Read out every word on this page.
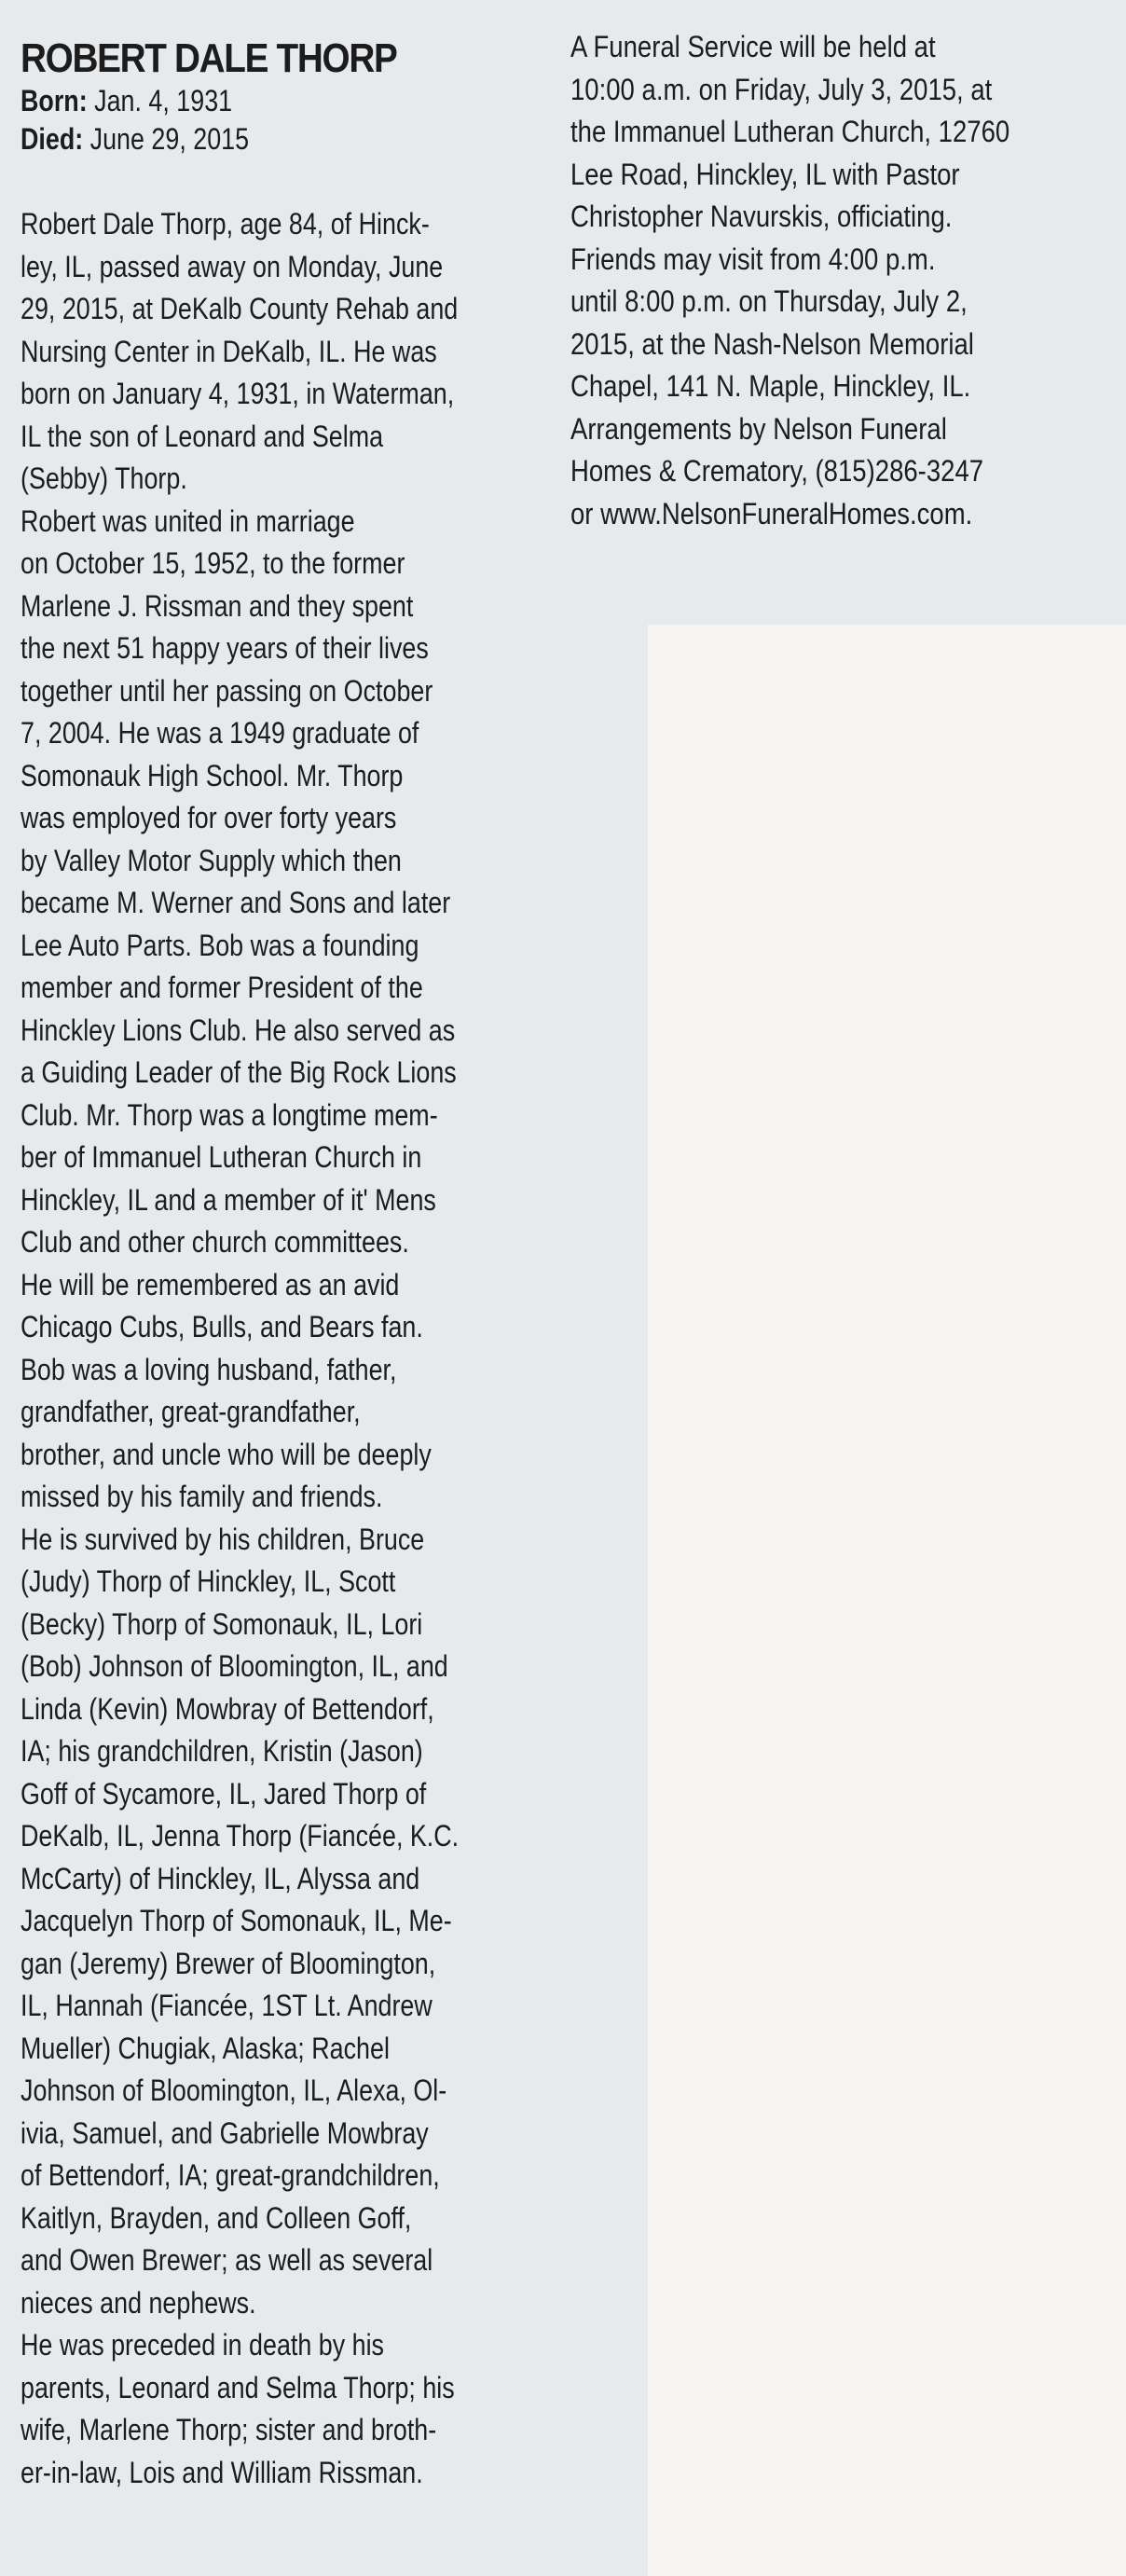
ROBERT DALE THORP
Born: Jan. 4, 1931
Died: June 29, 2015

Robert Dale Thorp, age 84, of Hinck-
ley, IL, passed away on Monday, June
29, 2015, at DeKalb County Rehab and
Nursing Center in DeKalb, IL. He was
born on January 4, 1931, in Waterman,
IL the son of Leonard and Selma
(Sebby) Thorp.

Robert was united in marriage
on October 15, 1952, to the former
Marlene J. Rissman and they spent
the next 51 happy years of their lives
together until her passing on October
7, 2004. He was a 1949 graduate of
Somonauk High School. Mr. Thorp
was employed for over forty years
by Valley Motor Supply which then
became M. Werner and Sons and later
Lee Auto Parts. Bob was a founding
member and former President of the
Hinckley Lions Club. He also served as
a Guiding Leader of the Big Rock Lions
Club. Mr. Thorp was a longtime mem-
ber of Immanuel Lutheran Church in
Hinckley, IL and a member of it' Mens
Club and other church committees.

He will be remembered as an avid
Chicago Cubs, Bulls, and Bears fan.
Bob was a loving husband, father,
grandfather, great-grandfather,
brother, and uncle who will be deeply
missed by his family and friends.

He is survived by his children, Bruce
(Judy) Thorp of Hinckley, IL, Scott
(Becky) Thorp of Somonauk, IL, Lori
(Bob) Johnson of Bloomington, IL, and
Linda (Kevin) Mowbray of Bettendorf,
IA; his grandchildren, Kristin (Jason)
Goff of Sycamore, IL, Jared Thorp of
DeKalb, IL, Jenna Thorp (Fiancée, K.C.
McCarty) of Hinckley, IL, Alyssa and
Jacquelyn Thorp of Somonauk, IL, Me-
gan (Jeremy) Brewer of Bloomington,
IL, Hannah (Fiancée, 1ST Lt. Andrew
Mueller) Chugiak, Alaska; Rachel
Johnson of Bloomington, IL, Alexa, Ol-
ivia, Samuel, and Gabrielle Mowbray
of Bettendorf, IA; great-grandchildren,
Kaitlyn, Brayden, and Colleen Goff,
and Owen Brewer; as well as several
nieces and nephews.

He was preceded in death by his
parents, Leonard and Selma Thorp; his
wife, Marlene Thorp; sister and broth-
er-in-law, Lois and William Rissman.

A Funeral Service will be held at
10:00 a.m. on Friday, July 3, 2015, at
the Immanuel Lutheran Church, 12760
Lee Road, Hinckley, IL with Pastor
Christopher Navurskis, officiating.

Friends may visit from 4:00 p.m.
until 8:00 p.m. on Thursday, July 2,
2015, at the Nash-Nelson Memorial
Chapel, 141 N. Maple, Hinckley, IL.

Arrangements by Nelson Funeral
Homes & Crematory, (815)286-3247
or www.NelsonFuneralHomes.com.
